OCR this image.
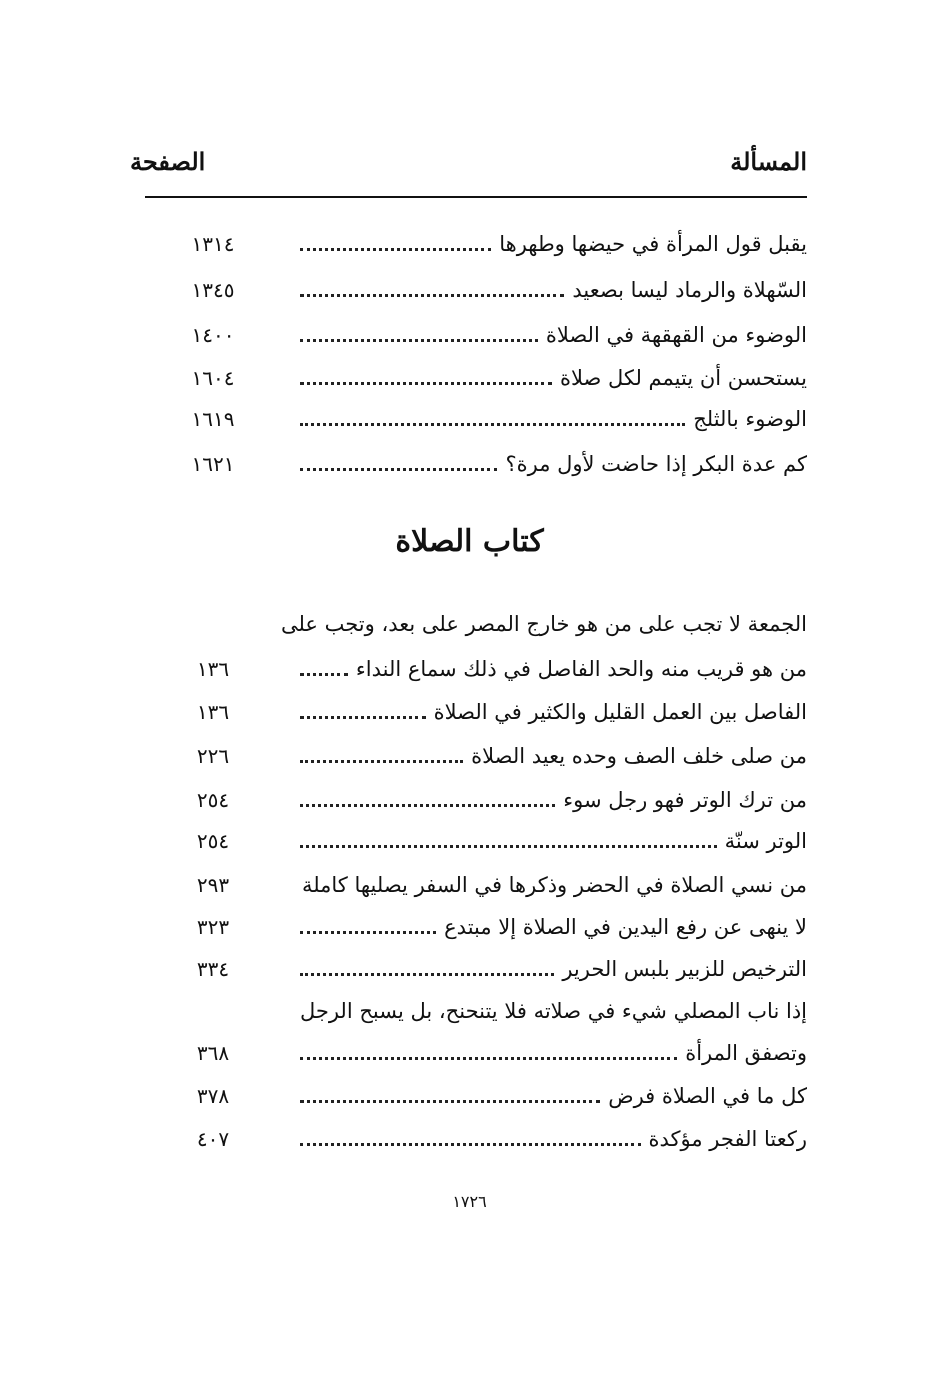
المسألة
الصفحة
١٣١٤	يقبل قول المرأة في حيضها وطهرها
١٣٤٥	السّهلاة والرماد ليسا بصعيد
١٤٠٠	الوضوء من القهقهة في الصلاة
١٦٠٤	يستحسن أن يتيمم لكل صلاة
١٦١٩	الوضوء بالثلج
١٦٢١	كم عدة البكر إذا حاضت لأول مرة؟
الجمعة لا تجب على من هو خارج المصر على بعد، وتجب على
١٣٦	من هو قريب منه والحد الفاصل في ذلك سماع النداء
١٣٦	الفاصل بين العمل القليل والكثير في الصلاة
٢٢٦	من صلى خلف الصف وحده يعيد الصلاة
٢٥٤	من ترك الوتر فهو رجل سوء
٢٥٤	الوتر سنّة
٢٩٣	من نسي الصلاة في الحضر وذكرها في السفر يصليها كاملة
٣٢٣	لا ينهى عن رفع اليدين في الصلاة إلا مبتدع
٣٣٤	الترخيص للزبير بلبس الحرير
إذا ناب المصلي شيء في صلاته فلا يتنحنح، بل يسبح الرجل
٣٦٨	وتصفق المرأة
٣٧٨	كل ما في الصلاة فرض
٤٠٧	ركعتا الفجر مؤكدة
كتاب الصلاة
١٧٢٦
